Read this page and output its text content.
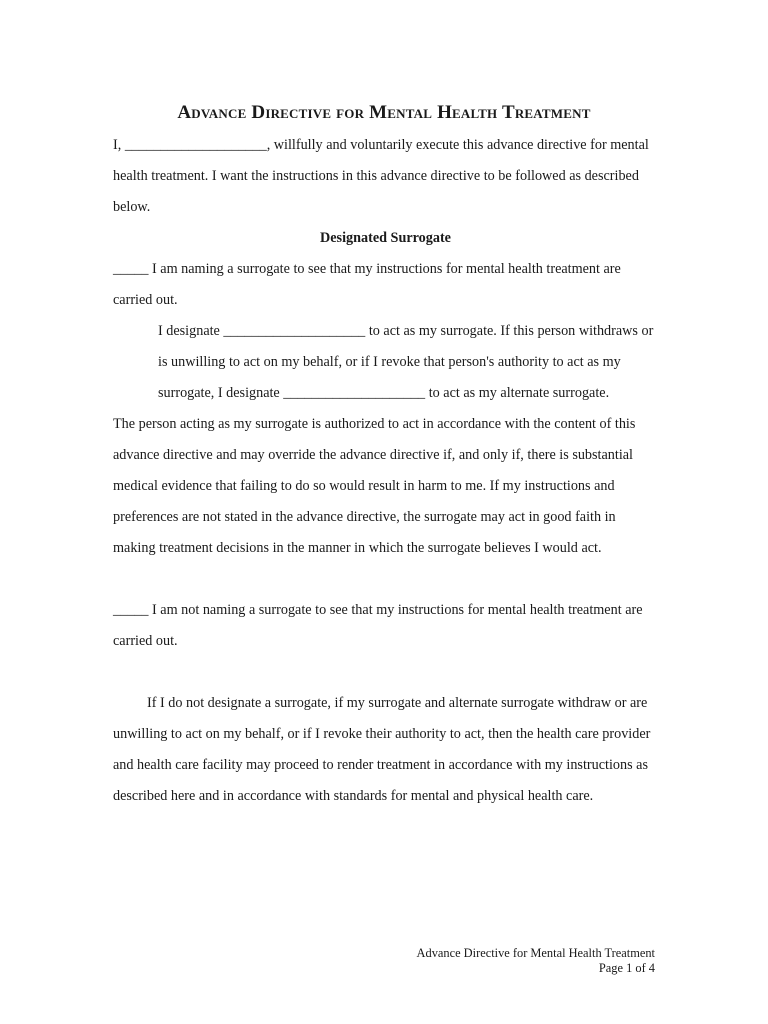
Advance Directive for Mental Health Treatment

I, ____________________, willfully and voluntarily execute this advance directive for mental health treatment. I want the instructions in this advance directive to be followed as described below.

Designated Surrogate

_____ I am naming a surrogate to see that my instructions for mental health treatment are carried out.

I designate ____________________ to act as my surrogate. If this person withdraws or is unwilling to act on my behalf, or if I revoke that person's authority to act as my surrogate, I designate ____________________ to act as my alternate surrogate.

The person acting as my surrogate is authorized to act in accordance with the content of this advance directive and may override the advance directive if, and only if, there is substantial medical evidence that failing to do so would result in harm to me. If my instructions and preferences are not stated in the advance directive, the surrogate may act in good faith in making treatment decisions in the manner in which the surrogate believes I would act.

_____ I am not naming a surrogate to see that my instructions for mental health treatment are carried out.

If I do not designate a surrogate, if my surrogate and alternate surrogate withdraw or are unwilling to act on my behalf, or if I revoke their authority to act, then the health care provider and health care facility may proceed to render treatment in accordance with my instructions as described here and in accordance with standards for mental and physical health care.

Advance Directive for Mental Health Treatment
Page 1 of 4
